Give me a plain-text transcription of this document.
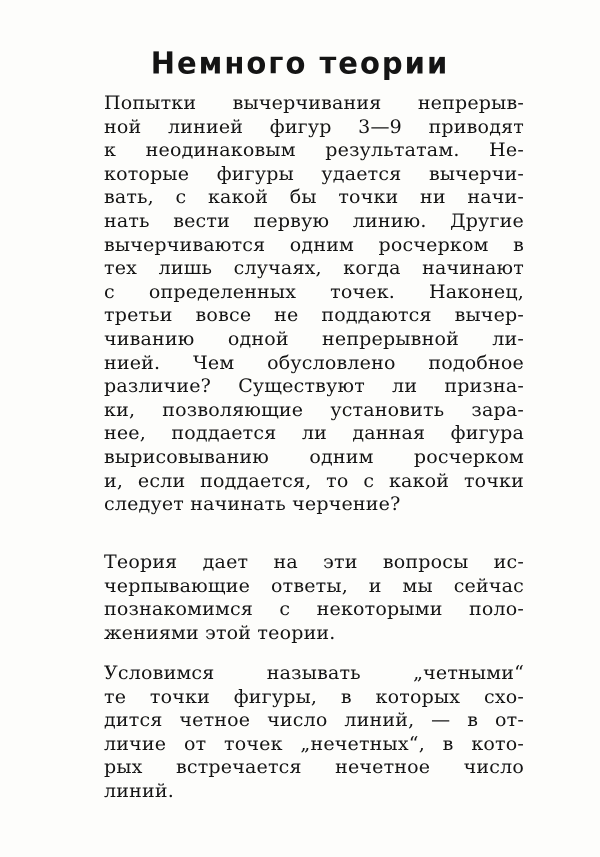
Немного теории
Попытки вычерчивания непрерыв-
ной линией фигур 3—9 приводят
к неодинаковым результатам. Не-
которые фигуры удается вычерчи-
вать, с какой бы точки ни начи-
нать вести первую линию. Другие
вычерчиваются одним росчерком в
тех лишь случаях, когда начинают
с определенных точек. Наконец,
третьи вовсе не поддаются вычер-
чиванию одной непрерывной ли-
нией. Чем обусловлено подобное
различие? Существуют ли призна-
ки, позволяющие установить зара-
нее, поддается ли данная фигура
вырисовыванию одним росчерком
и, если поддается, то с какой точки
следует начинать черчение?
Теория дает на эти вопросы ис-
черпывающие ответы, и мы сейчас
познакомимся с некоторыми поло-
жениями этой теории.
Условимся называть „четными“
те точки фигуры, в которых схо-
дится четное число линий, — в от-
личие от точек „нечетных“, в кото-
рых встречается нечетное число
линий.
